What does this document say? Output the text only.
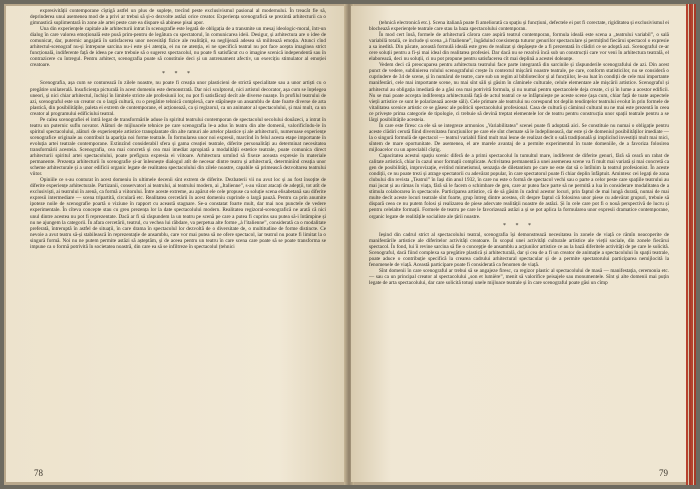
expresivității contemporane cîștigă astfel un plus de suplețe, trecînd peste exclusivismul pasional al modernului. În treacăt fie să, deprinderea unui asemenea mod de a privi ar trebui să și-o dezvolte astăzi orice creator. Experiența scenografică se prezintă arhitecturii ca o gimnastică suplimentară în zone ale artei peste care ea dispare să abinese pisai apor.

Una din experiențele capitale ale arhitecturii intrat în scenografie este legată de obligația de a transmite un mesaj ideologic-moral, într-un dialog în care valorea emoțională este pusă prim-pentru de legătura cu spectatorul, în comunicarea ideii. Desigur, și arhitectura are o idee de comunicat, dar, puternic angajată în satisfacerea unor necesități fizice ale realității, ea neglijează adesea să militează emoția. Atunci cînd arhitectul-scenograf nu-și întrepune sarcina nu-i este și-i atenția, ei nu ne atenția, ei ne specifică teatral nu pot face acepta imaginea strict funcțională, indiferente față de ideea pe care trebuie să o sugerez spectacolul, nu poate fi satisfăcut cu o imagine scenică independentă sau în contrazicere cu întregul. Pentru arhitect, scenografia poate să constituie deci și un antrenament afectiv, un exercițiu stimulator al emoției creatoare.

* * *

Scenografia, așa cum se conturează în zilele noastre, nu poate fi creația unor plasticieni de strictă specialitate sau a unor artiști cu o pregătire unilaterală. Insuficiența picturală în acest domeniu este demonstrată. Dar nici sculptorul, nici artistul decorator, așa cum se înțelegea uneori, și nici chiar arhitectul, închiși în limitele stricte ale profesiunii lor, nu pot fi satisfăcuți decît ale diverse nuanțe. În profilul teatrului de azi, scenograful este un creator cu o largă cultură, cu o pregătire tehnică complexă, care stăpînește un ansamblu de date foarte diverse de arta plastică, din posibilitățile, paleta ei extrem de contemporane, el acționează, ca și regizorul, ca un animator al spectacolului, și mai mult, ca un creator al programului edificiului teatral.

Pe calea scenografiei el intră legat de transformările aduse în spiritul teatrului contemporan de spectacolul secolului douăzeci, a intrat în teatru un puternic suflu novator. Alături de mijloacele tehnice pe care scenografia le-a adus în teatru din alte domenii, valorificîndu-le în spiritul spectacolului, alături de experiențele artistice transplantate din alte ramuri ale artelor plastice și ale arhitecturii, numeroase experiențe scenografice originale au contribuit la apariția noi forme teatrale. În formularea unor noi expresii, marcînd în felul acesta etape importante în evoluția artei teatrale contemporane. Extinzînd considerabil sfera și gama creației teatrale, diferite personalități au determinat necesitatea transformării acesteia. Scenografia, cea mai concretă și cea mai imediat apropiată a modalității estetice teatrale, poate comunica direct arhitecturii spiritul artei spectacolului, poate prefigura expresia ei viitoare. Arhitectura urmînd să fixeze aceasta expresie în materiale permanente. Prezența arhitecturii în scenografie și-ar înlesnește dialogul atît de necesar dintre teatru și arhitectură, determinînd creația unor scheme arhitecturale și a unor edificii organic legate de realitatea spectacolului din zilele noastre, capabile să primească dezvoltarea teatrului viitor.

Opiniile ce s-au conturat în acest domeniu în ultimele decenii sînt extrem de diferite. Dezbaterii vii nu avut loc și au fost însoțite de diferite experiențe arhitecturale. Partizanii, conservatori ai teatrului, ai teatrului modern, ai „Italienne”, s-au văzut atacați de adepții, tot atît de exclusiviști, ai teatrului în arenă, ca formă a viitorului. Între aceste extreme, au apărut ele cele propuse ca soluție scena elisabetană sau diferite expresii intermediare — scena tripartită, circulară etc. Realitatea cercetării în acest domeniu cuprinde o largă pauză. Pentru ca prin anumite ipoteze noile de scenografie poartă o viziune în rapport cu această stagnare. Se-a constatat foarte mult, dar mai nou punctele de vedere experimentale. În cîteva concepte stau cu greu prezența lor la date spectacolului modern. Realitatea regizoral-scenografică ne arată că nici unul dintre acestea nu pot fi reprezentate. Dacă ar fi să răspundem la un teatru pe scenă pe care a putea fi cuprins sau putea să-i întâmpine și nu ne ajungem la categorii. În afara cercetării, teatrul, cu vechea lui răbdare, va perpetua alte forme „à l'italienne”, considerată ca o modalitate preferată, întreruptă în astfel de situații, în care drama în spectacolul lor dezvoltă de o diversitate de, o multitudine de forme distincte. Ce nevoie a avut teatru să-și stabilească în reprezentație de ansamblu, care vor mai putea să ne ofere spectacol, iar teatrul nu poate fi limitat la o singură formă. Noi nu ne putem permite astăzi să așteptăm, și de aceea pentru un teatru în care scena care poate să se poate transforma se impune ca o formă potrivită în societatea noastră, din care ea să se infiltreze în spectacolul (tehnici

78

(tehnică electronică etc.). Scena italiană poate fi ameliorată ca spațiu și funcțiuni, defectele ei pot fi corectate, rigiditatea și exclusivismul ei blochează experiențele teatrale care stau la baza spectacolului contemporan.

În mod cert însă, formele de arhitectură cărora care aspiră teatrul contemporan, formula ideală este scena a „teatrului variabil”, o sală variabilă totală, ce include și scena „à l'italienne”, îngăduind coexistența tuturor genurilor spectaculare și permițînd fiecărui spectacol o expresie a sa inedită. Din păcate, această formulă ideală este greu de realizat și depășește de a fi prezentată în clădiri ce se adoptă azi. Scenograful ce-ar cere soluții pentru a fi-și mai ideal din realitatea profesiei. Dar dacă nu se rezolvă încă sub un construcții care vor veni în arhitectura teatrală, el elaborează, deci nu soluții, ci nu pot propune pentru satisfacerea cît mai deplină a acestei doleanțe.

Vedem deci că preocuparea pentru arhitectura teatrului face parte integrantă din sarcinile și răspunderile scenografului de azi. Din acest punct de vedere, sublinierea rolului scenografului crește în contextul mișcării noastre teatrale, pe care, conform statisticilor, nu se consideră o cuprindere de 34 de scene, și în numărul de teatre, care sub un regim al bibliotecilor și al funcțiilor, le-au luat în condiții de cele mai importante manifestări, cele mai importante scene, nu mai sînt săli și găsim în căminele culturale, celule elementare ale mișcării artistice. Scenograful și arhitectul au obligația imediată de a găsi cea mai potrivită formula, și nu numai pentru spectacolele deja create, ci și în lume a acestor edificii. Nu se mai poate accepta indiferența arhitecturală față de actul teatral ce se înfăptuiește pe aceste scene (așa cum, chiar față de toate aspectele vieții artistice ce sunt le polarizează aceste săli). Cele primare ale teatrului nu corespund tot deplin tendințelor teatrului evolut în prin formele de vitalitatea scenice artistic ce se găsesc ale politicii spectacolului profesional. Casa de cultură și căminul cultural nu ne mai este prezentă în ceea ce privește prima categorie de tipologie, ci trebuie să devină treptat elementele lor de teatru pentru construcția unor spații teatrale pentru a se lărgi posibilitățile acesteia.

În care este firesc ca ele să se integreze armonios „Variabilitatea” scenei poate fi adoptată aici. Se constituie nu numai o obligație pentru aceste clădiri cerută fiind diversitatea funcțiunilor pe care ele sînt chemate să le îndeplinească, dar este și de domeniul posibilităților imediate — la o singură formulă de spectacol — teatrul variabil fiind mult mai lesne de realizat decît o sală tradițională și implicînd investiții mult mai mici, sîntem de mare oportunitate. De asemenea, el are marele avantaj de a permite experimentul în toate domeniile, de a favoriza folosirea mijloacelor cu un apreciabil cîștig.

Capacitatea acestui spațiu scenic diferă de a primi spectacolul în tumultul mare, indiferent de diferite genuri, fără să ceară un rabat de calitate artistică, chiar în cazul unor formații complicate. Activitatea permanentă a unei asemenea scene va fi mult mai variată și mai concretă ca gen de posibilități, improvizație, evitînd mimetismul, senzația de diletantism pe care ne este dat să o întîlnim la teatrul profesionist. În aceste condiții, ce nu poate trezi și atrage spectatorii cu adevărat popular, în care spectatorul poate fi chiar deplin înfăptuit. Amintesc cei legați de zona clubului din revista „Teatrul” în Iași din anul 1932, în care nu este o formă de spectacol vechi sau o parte a celor peste care spațiile teatrului au mai jucat și au rămas în viața, fără să le facem o schimbare de gen, care ar putea face parte să ne permită a lua în considerare modalitatea de a stimula colaborarea în spectacole. Participarea artistice, că de să găsim în cadrul acestor locuri, prin faptul de mai lungă durată, numai de mai multe decît aceste locuri teatrale sînt foarte, grup întreg dintre acestea, cît despre faptul că folosirea unor piese cu adevărat grupuri, trebuie să dispară ceea ce nu putem folosi și realizarea de piese adecvate realității noastre de astăzi. Și în cele care pot fi o nouă perspectivă de lucru și pentru celelalte formații. Formele de teatru pe care le favorizează astăzi a și se pot aplica la formularea unor expresii dramatice contemporane, organic legate de realitățile socialiste ale țării noastre.

* * *

Ieșind din cadrul strict al spectacolului teatral, scenografia își demonstrează necesitatea în zonele de viață ce rămîn neacoperite de manifestările artistice ale diferitelor activități creatoare. În scopul unei activități culturale artistice ale vieții sociale, din zonele fiecărui spectacol. În fond, lui îi revine sarcina să fie o concepție de ansamblu a acțiunilor artistice ce au la bază diferitele activități de pe care le solicită. Scenograful, dacă fiind complexa sa pregătire plastică și arhitecturală, dar și cea de a fi un creator de animație a spectacolului în spații teatrale, poate aduce o contribuție specifică la crearea cadrului arhitectural spectacular și de a permite spectatorului participarea nemijlocită la fenomenele de viață. Această participare poate fi considerată ca fenomen de viață.

Sînt domenii în care scenograful ar trebui să se angajeze firesc, ca regizor plastic al spectacolului de masă — manifestația, ceremonia etc. — sau ca un principal creator al spectacolului „son et lumière”, menit să valorifice peisajele sau monumentele. Sînt și alte domenii mai puțin legate de arta spectacolului, dar care solicită totuși unele mijloace teatrale și în care scenograful poate găsi un cîmp

79
